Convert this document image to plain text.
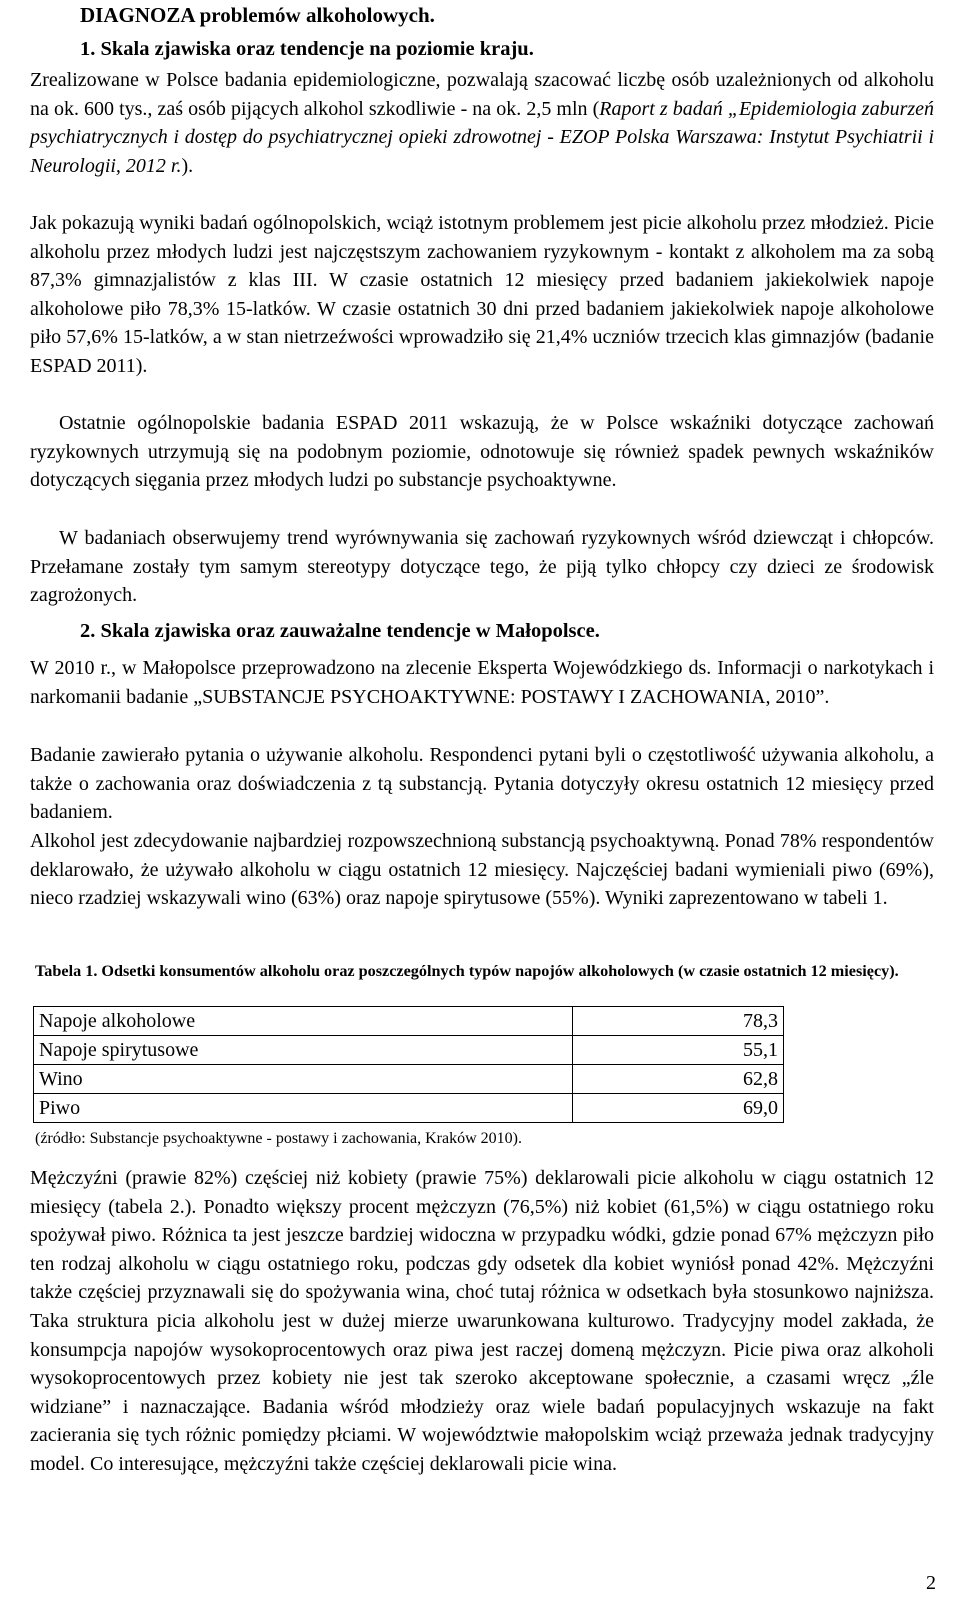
DIAGNOZA problemów alkoholowych.
1. Skala zjawiska oraz tendencje na poziomie kraju.

Zrealizowane w Polsce badania epidemiologiczne, pozwalają szacować liczbę osób uzależnionych od alkoholu na ok. 600 tys., zaś osób pijących alkohol szkodliwie - na ok. 2,5 mln (Raport z badań „Epidemiologia zaburzeń psychiatrycznych i dostęp do psychiatrycznej opieki zdrowotnej - EZOP Polska Warszawa: Instytut Psychiatrii i Neurologii, 2012 r.).

Jak pokazują wyniki badań ogólnopolskich, wciąż istotnym problemem jest picie alkoholu przez młodzież. Picie alkoholu przez młodych ludzi jest najczęstszym zachowaniem ryzykownym - kontakt z alkoholem ma za sobą 87,3% gimnazjalistów z klas III. W czasie ostatnich 12 miesięcy przed badaniem jakiekolwiek napoje alkoholowe piło 78,3% 15-latków. W czasie ostatnich 30 dni przed badaniem jakiekolwiek napoje alkoholowe piło 57,6% 15-latków, a w stan nietrzeźwości wprowadziło się 21,4% uczniów trzecich klas gimnazjów (badanie ESPAD 2011).

Ostatnie ogólnopolskie badania ESPAD 2011 wskazują, że w Polsce wskaźniki dotyczące zachowań ryzykownych utrzymują się na podobnym poziomie, odnotowuje się również spadek pewnych wskaźników dotyczących sięgania przez młodych ludzi po substancje psychoaktywne.

W badaniach obserwujemy trend wyrównywania się zachowań ryzykownych wśród dziewcząt i chłopców. Przełamane zostały tym samym stereotypy dotyczące tego, że piją tylko chłopcy czy dzieci ze środowisk zagrożonych.

2. Skala zjawiska oraz zauważalne tendencje w Małopolsce.

W 2010 r., w Małopolsce przeprowadzono na zlecenie Eksperta Wojewódzkiego ds. Informacji o narkotykach i narkomanii badanie „SUBSTANCJE PSYCHOAKTYWNE: POSTAWY I ZACHOWANIA, 2010”.

Badanie zawierało pytania o używanie alkoholu. Respondenci pytani byli o częstotliwość używania alkoholu, a także o zachowania oraz doświadczenia z tą substancją. Pytania dotyczyły okresu ostatnich 12 miesięcy przed badaniem.

Alkohol jest zdecydowanie najbardziej rozpowszechnioną substancją psychoaktywną. Ponad 78% respondentów deklarowało, że używało alkoholu w ciągu ostatnich 12 miesięcy. Najczęściej badani wymieniali piwo (69%), nieco rzadziej wskazywali wino (63%) oraz napoje spirytusowe (55%). Wyniki zaprezentowano w tabeli 1.

Tabela 1. Odsetki konsumentów alkoholu oraz poszczególnych typów napojów alkoholowych (w czasie ostatnich 12 miesięcy).

Napoje alkoholowe	78,3
Napoje spirytusowe	55,1
Wino	62,8
Piwo	69,0

(źródło: Substancje psychoaktywne - postawy i zachowania, Kraków 2010).

Mężczyźni (prawie 82%) częściej niż kobiety (prawie 75%) deklarowali picie alkoholu w ciągu ostatnich 12 miesięcy (tabela 2.). Ponadto większy procent mężczyzn (76,5%) niż kobiet (61,5%) w ciągu ostatniego roku spożywał piwo. Różnica ta jest jeszcze bardziej widoczna w przypadku wódki, gdzie ponad 67% mężczyzn piło ten rodzaj alkoholu w ciągu ostatniego roku, podczas gdy odsetek dla kobiet wyniósł ponad 42%. Mężczyźni także częściej przyznawali się do spożywania wina, choć tutaj różnica w odsetkach była stosunkowo najniższa. Taka struktura picia alkoholu jest w dużej mierze uwarunkowana kulturowo. Tradycyjny model zakłada, że konsumpcja napojów wysokoprocentowych oraz piwa jest raczej domeną mężczyzn. Picie piwa oraz alkoholi wysokoprocentowych przez kobiety nie jest tak szeroko akceptowane społecznie, a czasami wręcz „źle widziane” i naznaczające. Badania wśród młodzieży oraz wiele badań populacyjnych wskazuje na fakt zacierania się tych różnic pomiędzy płciami. W województwie małopolskim wciąż przeważa jednak tradycyjny model. Co interesujące, mężczyźni także częściej deklarowali picie wina.

2
